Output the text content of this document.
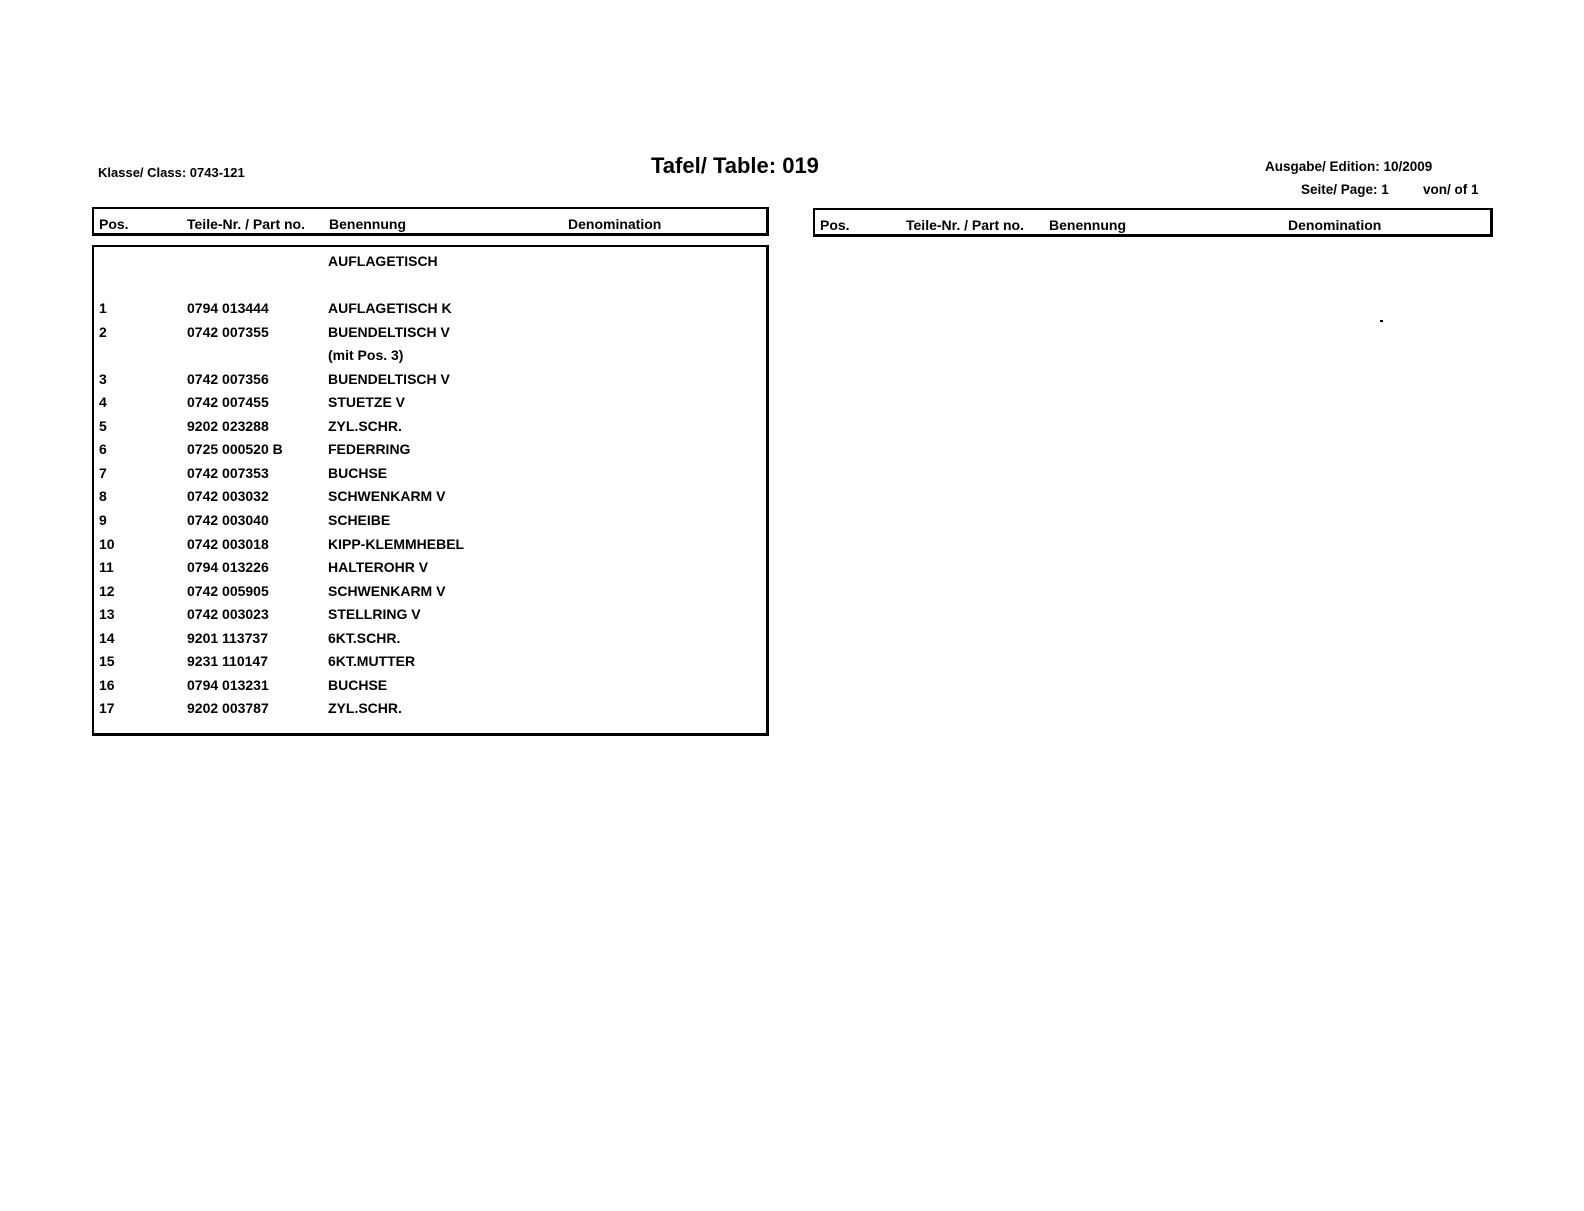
Klasse/ Class: 0743-121	Tafel/ Table: 019	Ausgabe/ Edition: 10/2009
Seite/ Page: 1	von/ of 1
Pos.	Teile-Nr. / Part no. Benennung	Denomination	Pos.	Teile-Nr. / Part no. Benennung	Denomination
AUFLAGETISCH
1	0794 013444	AUFLAGETISCH K
2	0742 007355	BUENDELTISCH V
(mit Pos. 3)
3	0742 007356	BUENDELTISCH V
4	0742 007455	STUETZE V
5	9202 023288	ZYL.SCHR.
6	0725 000520 B	FEDERRING
7	0742 007353	BUCHSE
8	0742 003032	SCHWENKARM V
9	0742 003040	SCHEIBE
10	0742 003018	KIPP-KLEMMHEBEL
11	0794 013226	HALTEROHR V
12	0742 005905	SCHWENKARM V
13	0742 003023	STELLRING V
14	9201 113737	6KT.SCHR.
15	9231 110147	6KT.MUTTER
16	0794 013231	BUCHSE
17	9202 003787	ZYL.SCHR.
